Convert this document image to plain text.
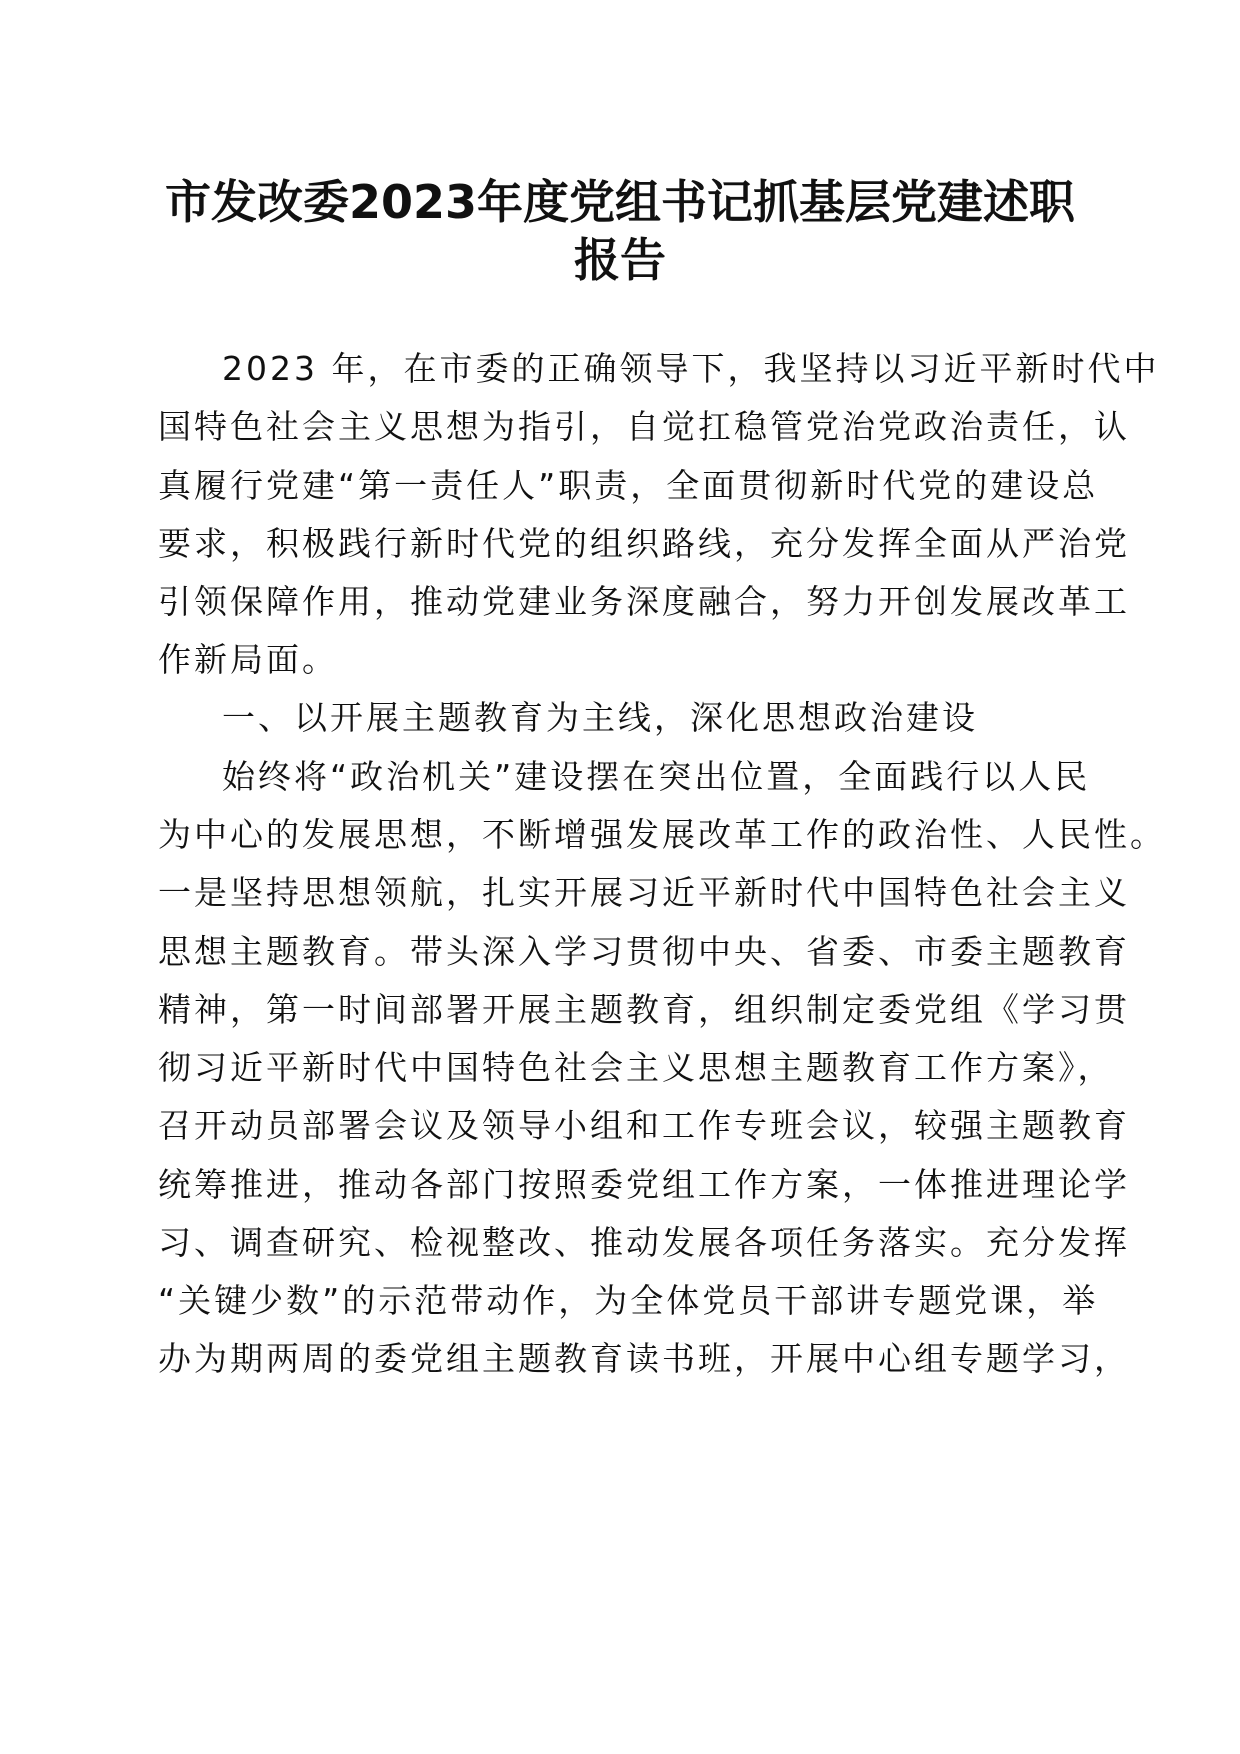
市发改委2023年度党组书记抓基层党建述职
报告
2023 年，在市委的正确领导下，我坚持以习近平新时代中
国特色社会主义思想为指引，自觉扛稳管党治党政治责任，认
真履行党建“第一责任人”职责，全面贯彻新时代党的建设总
要求，积极践行新时代党的组织路线，充分发挥全面从严治党
引领保障作用，推动党建业务深度融合，努力开创发展改革工
作新局面。
一、以开展主题教育为主线，深化思想政治建设
始终将“政治机关”建设摆在突出位置，全面践行以人民
为中心的发展思想，不断增强发展改革工作的政治性、人民性。
一是坚持思想领航，扎实开展习近平新时代中国特色社会主义
思想主题教育。带头深入学习贯彻中央、省委、市委主题教育
精神，第一时间部署开展主题教育，组织制定委党组《学习贯
彻习近平新时代中国特色社会主义思想主题教育工作方案》，
召开动员部署会议及领导小组和工作专班会议，较强主题教育
统筹推进，推动各部门按照委党组工作方案，一体推进理论学
习、调查研究、检视整改、推动发展各项任务落实。充分发挥
“关键少数”的示范带动作，为全体党员干部讲专题党课，举
办为期两周的委党组主题教育读书班，开展中心组专题学习，
